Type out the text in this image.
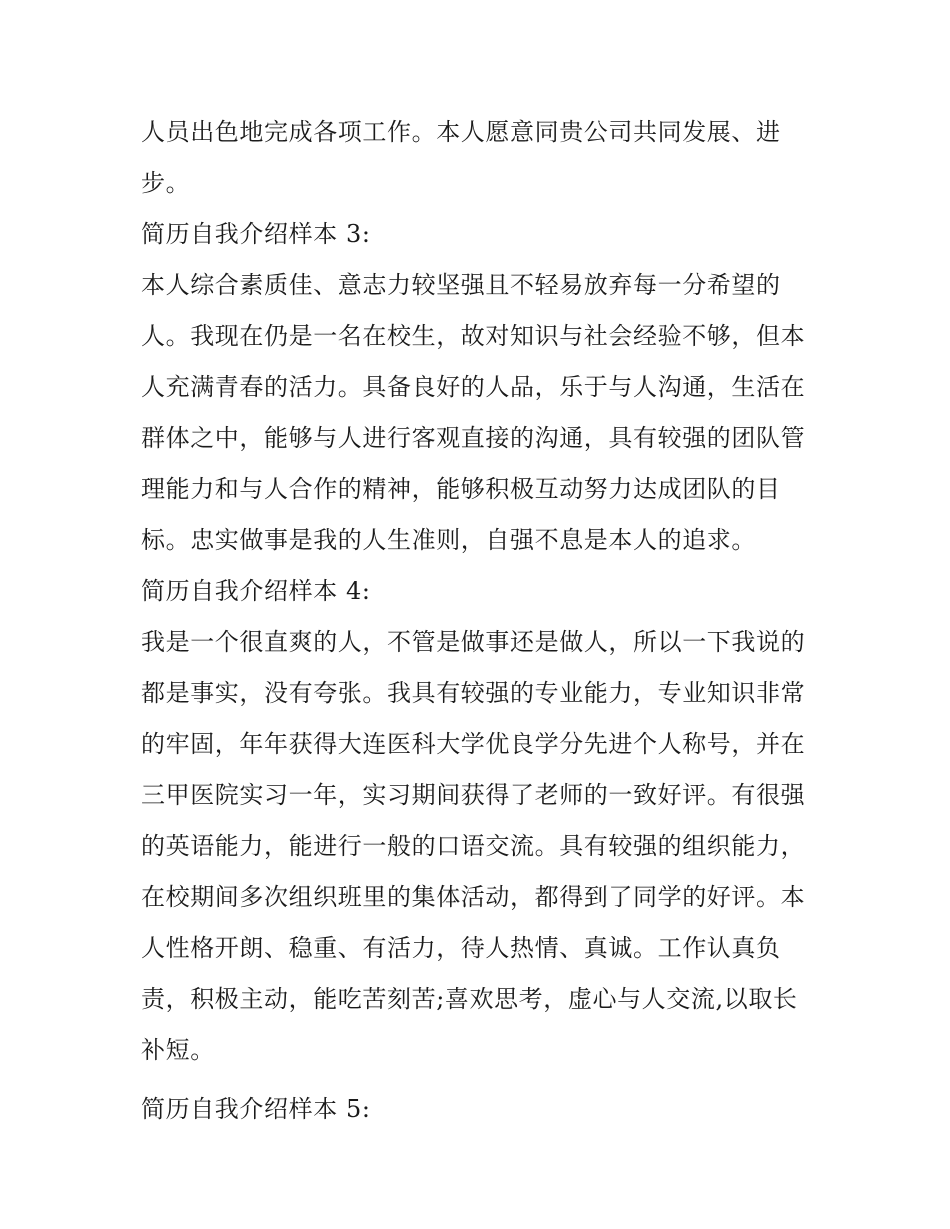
人员出色地完成各项工作。本人愿意同贵公司共同发展、进
步。

简历自我介绍样本 3:

本人综合素质佳、意志力较坚强且不轻易放弃每一分希望的
人。我现在仍是一名在校生，故对知识与社会经验不够，但本
人充满青春的活力。具备良好的人品，乐于与人沟通，生活在
群体之中，能够与人进行客观直接的沟通，具有较强的团队管
理能力和与人合作的精神，能够积极互动努力达成团队的目
标。忠实做事是我的人生准则，自强不息是本人的追求。

简历自我介绍样本 4:

我是一个很直爽的人，不管是做事还是做人，所以一下我说的
都是事实，没有夸张。我具有较强的专业能力，专业知识非常
的牢固，年年获得大连医科大学优良学分先进个人称号，并在
三甲医院实习一年，实习期间获得了老师的一致好评。有很强
的英语能力，能进行一般的口语交流。具有较强的组织能力，
在校期间多次组织班里的集体活动，都得到了同学的好评。本
人性格开朗、稳重、有活力，待人热情、真诚。工作认真负
责，积极主动，能吃苦刻苦;喜欢思考，虚心与人交流,以取长
补短。

简历自我介绍样本 5:
